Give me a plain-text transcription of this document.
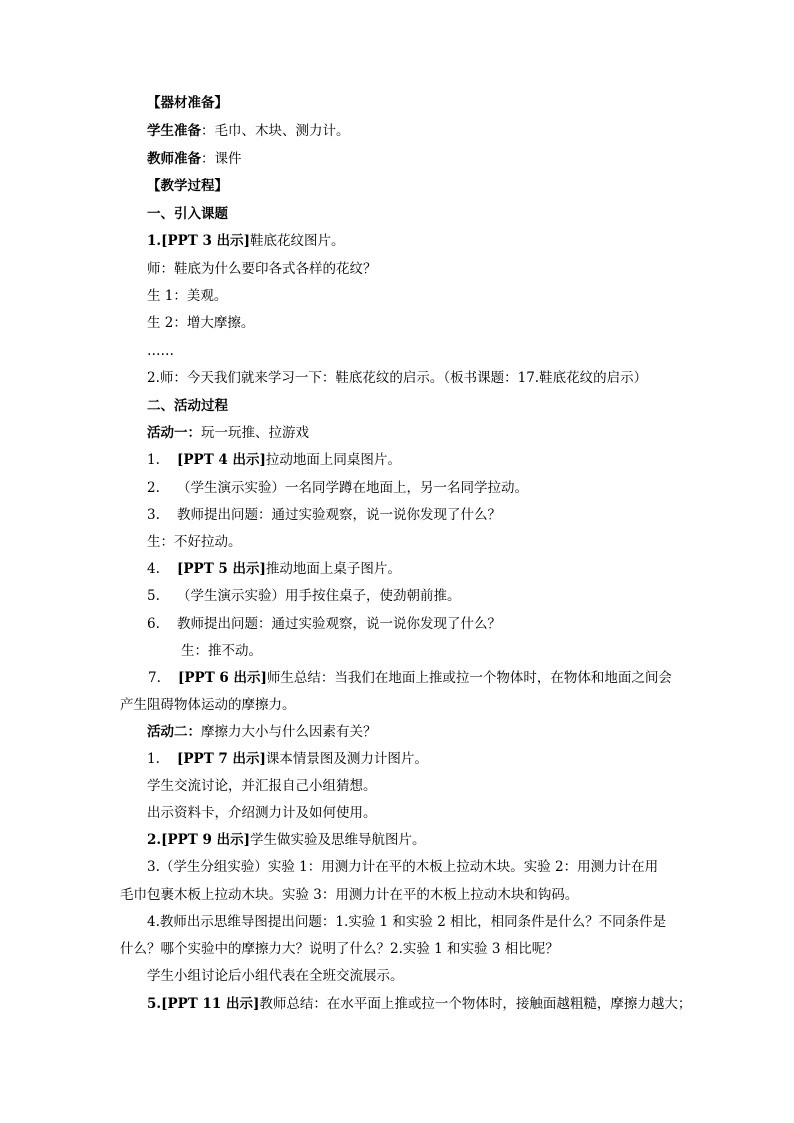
【器材准备】
学生准备：毛巾、木块、测力计。
教师准备：课件
【教学过程】
一、引入课题
1.[PPT 3 出示]鞋底花纹图片。
师：鞋底为什么要印各式各样的花纹？
生 1：美观。
生 2：增大摩擦。
……
2.师：今天我们就来学习一下：鞋底花纹的启示。（板书课题：17.鞋底花纹的启示）
二、活动过程
活动一：玩一玩推、拉游戏
1. [PPT 4 出示]拉动地面上同桌图片。
2. （学生演示实验）一名同学蹲在地面上，另一名同学拉动。
3. 教师提出问题：通过实验观察，说一说你发现了什么？
生：不好拉动。
4. [PPT 5 出示]推动地面上桌子图片。
5. （学生演示实验）用手按住桌子，使劲朝前推。
6. 教师提出问题：通过实验观察，说一说你发现了什么？
生：推不动。
7. [PPT 6 出示]师生总结：当我们在地面上推或拉一个物体时，在物体和地面之间会
产生阻碍物体运动的摩擦力。
活动二：摩擦力大小与什么因素有关？
1. [PPT 7 出示]课本情景图及测力计图片。
学生交流讨论，并汇报自己小组猜想。
出示资料卡，介绍测力计及如何使用。
2.[PPT 9 出示]学生做实验及思维导航图片。
3.（学生分组实验）实验 1：用测力计在平的木板上拉动木块。实验 2：用测力计在用
毛巾包裹木板上拉动木块。实验 3：用测力计在平的木板上拉动木块和钩码。
4.教师出示思维导图提出问题：1.实验 1 和实验 2 相比，相同条件是什么？不同条件是
什么？哪个实验中的摩擦力大？说明了什么？2.实验 1 和实验 3 相比呢？
学生小组讨论后小组代表在全班交流展示。
5.[PPT 11 出示]教师总结：在水平面上推或拉一个物体时，接触面越粗糙，摩擦力越大；
